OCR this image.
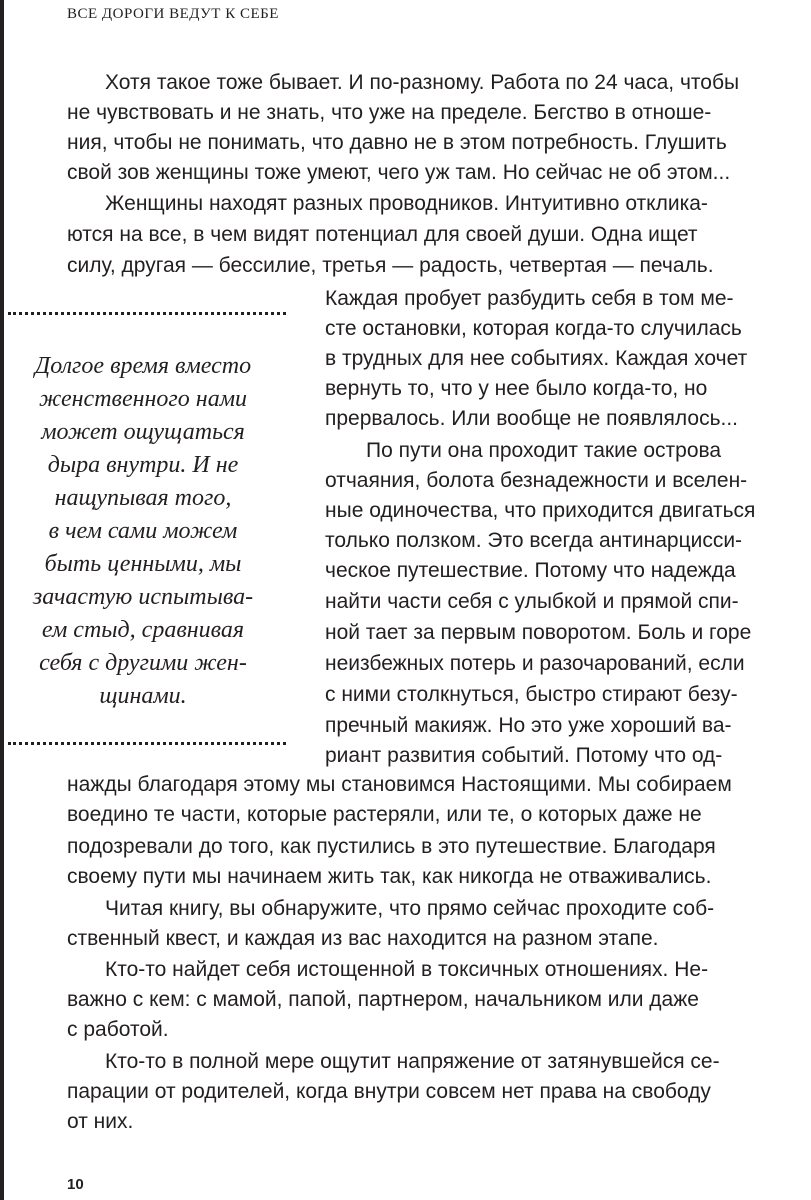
ВСЕ ДОРОГИ ВЕДУТ К СЕБЕ
Долгое время вместо
женственного нами
может ощущаться
дыра внутри. И не
нащупывая того,
в чем сами можем
быть ценными, мы
зачастую испытыва-
ем стыд, сравнивая
себя с другими жен-
щинами.
Хотя такое тоже бывает. И по-разному. Работа по 24 часа, чтобы
не чувствовать и не знать, что уже на пределе. Бегство в отноше-
ния, чтобы не понимать, что давно не в этом потребность. Глушить
свой зов женщины тоже умеют, чего уж там. Но сейчас не об этом...
Женщины находят разных проводников. Интуитивно отклика-
ются на все, в чем видят потенциал для своей души. Одна ищет
силу, другая — бессилие, третья — радость, четвертая — печаль.
Каждая пробует разбудить себя в том ме-
сте остановки, которая когда-то случилась
в трудных для нее событиях. Каждая хочет
вернуть то, что у нее было когда-то, но
прервалось. Или вообще не появлялось...
По пути она проходит такие острова
отчаяния, болота безнадежности и вселен-
ные одиночества, что приходится двигаться
только ползком. Это всегда антинарцисси-
ческое путешествие. Потому что надежда
найти части себя с улыбкой и прямой спи-
ной тает за первым поворотом. Боль и горе
неизбежных потерь и разочарований, если
с ними столкнуться, быстро стирают безу-
пречный макияж. Но это уже хороший ва-
риант развития событий. Потому что од-
нажды благодаря этому мы становимся Настоящими. Мы собираем
воедино те части, которые растеряли, или те, о которых даже не
подозревали до того, как пустились в это путешествие. Благодаря
своему пути мы начинаем жить так, как никогда не отваживались.
Читая книгу, вы обнаружите, что прямо сейчас проходите соб-
ственный квест, и каждая из вас находится на разном этапе.
Кто-то найдет себя истощенной в токсичных отношениях. Не-
важно с кем: с мамой, папой, партнером, начальником или даже
с работой.
Кто-то в полной мере ощутит напряжение от затянувшейся се-
парации от родителей, когда внутри совсем нет права на свободу
от них.
10
